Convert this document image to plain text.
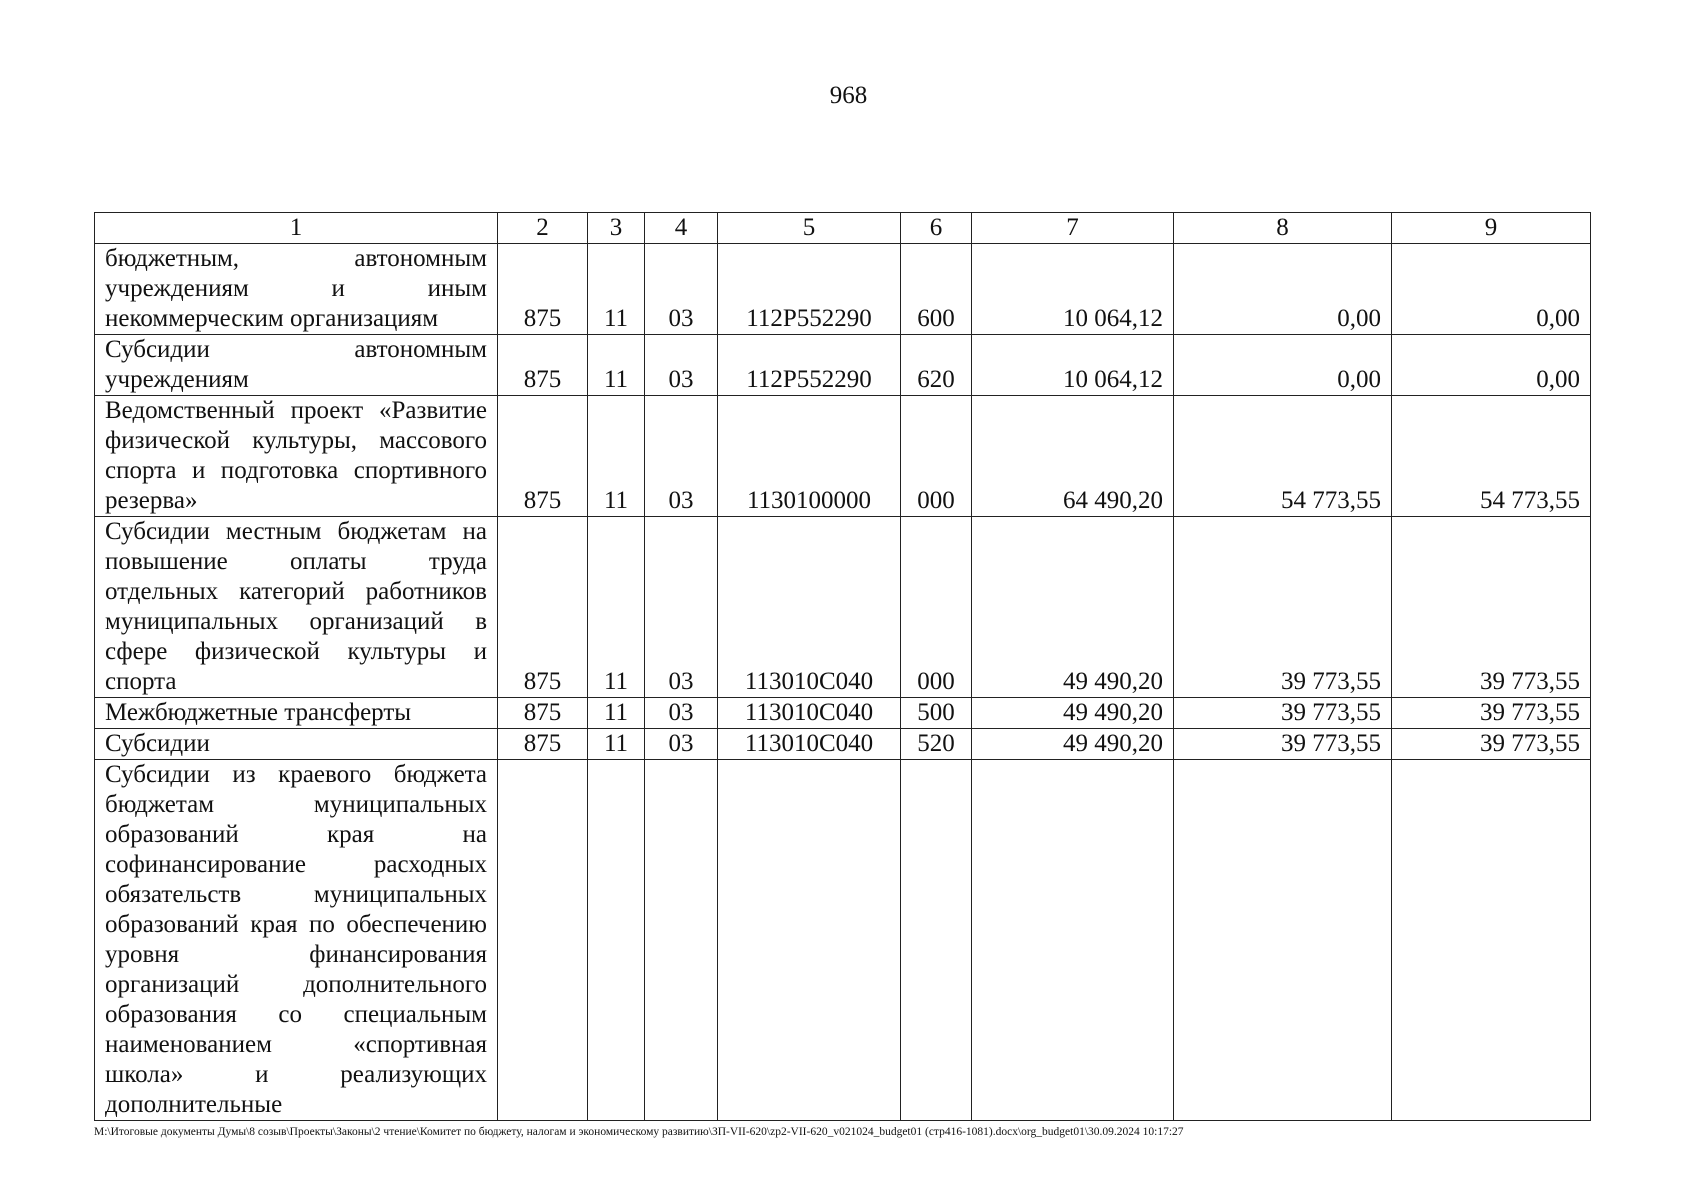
968
1	2	3	4	5	6	7	8	9
бюджетным, автономным учреждениям и иным некоммерческим организациям	875	11	03	112P552290	600	10 064,12	0,00	0,00
Субсидии автономным учреждениям	875	11	03	112P552290	620	10 064,12	0,00	0,00
Ведомственный проект «Развитие физической культуры, массового спорта и подготовка спортивного резерва»	875	11	03	1130100000	000	64 490,20	54 773,55	54 773,55
Субсидии местным бюджетам на повышение оплаты труда отдельных категорий работников муниципальных организаций в сфере физической культуры и спорта	875	11	03	113010С040	000	49 490,20	39 773,55	39 773,55
Межбюджетные трансферты	875	11	03	113010С040	500	49 490,20	39 773,55	39 773,55
Субсидии	875	11	03	113010С040	520	49 490,20	39 773,55	39 773,55
Субсидии из краевого бюджета бюджетам муниципальных образований края на софинансирование расходных обязательств муниципальных образований края по обеспечению уровня финансирования организаций дополнительного образования со специальным наименованием «спортивная школа» и реализующих дополнительные								
M:\Итоговые документы Думы\8 созыв\Проекты\Законы\2 чтение\Комитет по бюджету, налогам и экономическому развитию\ЗП-VII-620\zp2-VII-620_v021024_budget01 (стр416-1081).docx\org_budget01\30.09.2024 10:17:27
